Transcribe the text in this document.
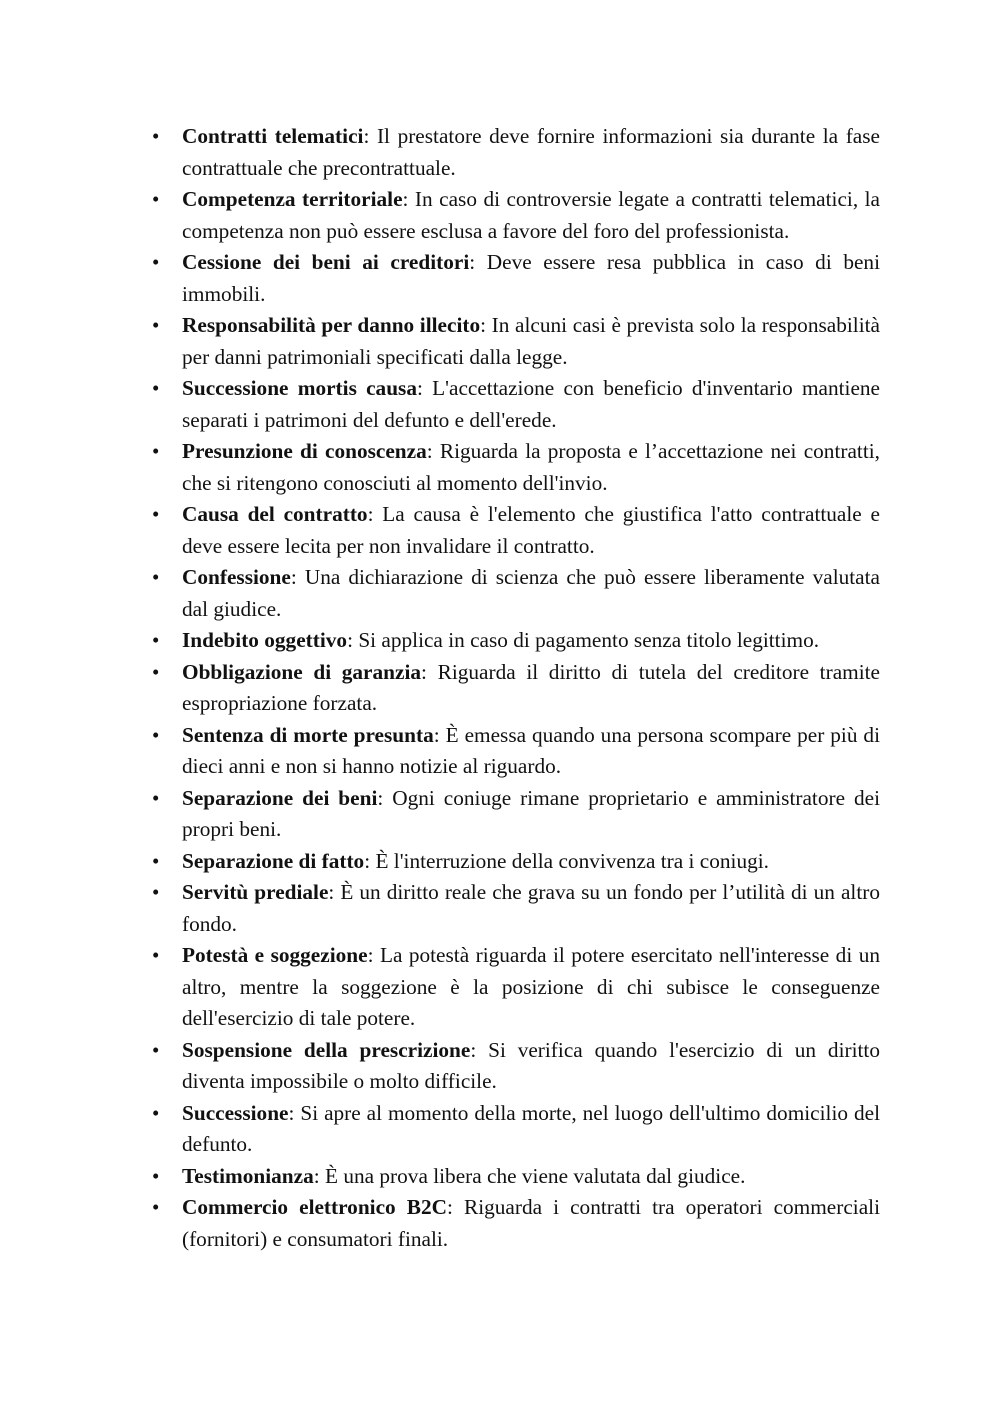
• Contratti telematici: Il prestatore deve fornire informazioni sia durante la fase contrattuale che precontrattuale.
• Competenza territoriale: In caso di controversie legate a contratti telematici, la competenza non può essere esclusa a favore del foro del professionista.
• Cessione dei beni ai creditori: Deve essere resa pubblica in caso di beni immobili.
• Responsabilità per danno illecito: In alcuni casi è prevista solo la responsabilità per danni patrimoniali specificati dalla legge.
• Successione mortis causa: L'accettazione con beneficio d'inventario mantiene separati i patrimoni del defunto e dell'erede.
• Presunzione di conoscenza: Riguarda la proposta e l’accettazione nei contratti, che si ritengono conosciuti al momento dell'invio.
• Causa del contratto: La causa è l'elemento che giustifica l'atto contrattuale e deve essere lecita per non invalidare il contratto.
• Confessione: Una dichiarazione di scienza che può essere liberamente valutata dal giudice.
• Indebito oggettivo: Si applica in caso di pagamento senza titolo legittimo.
• Obbligazione di garanzia: Riguarda il diritto di tutela del creditore tramite espropriazione forzata.
• Sentenza di morte presunta: È emessa quando una persona scompare per più di dieci anni e non si hanno notizie al riguardo.
• Separazione dei beni: Ogni coniuge rimane proprietario e amministratore dei propri beni.
• Separazione di fatto: È l'interruzione della convivenza tra i coniugi.
• Servitù prediale: È un diritto reale che grava su un fondo per l’utilità di un altro fondo.
• Potestà e soggezione: La potestà riguarda il potere esercitato nell'interesse di un altro, mentre la soggezione è la posizione di chi subisce le conseguenze dell'esercizio di tale potere.
• Sospensione della prescrizione: Si verifica quando l'esercizio di un diritto diventa impossibile o molto difficile.
• Successione: Si apre al momento della morte, nel luogo dell'ultimo domicilio del defunto.
• Testimonianza: È una prova libera che viene valutata dal giudice.
• Commercio elettronico B2C: Riguarda i contratti tra operatori commerciali (fornitori) e consumatori finali.
